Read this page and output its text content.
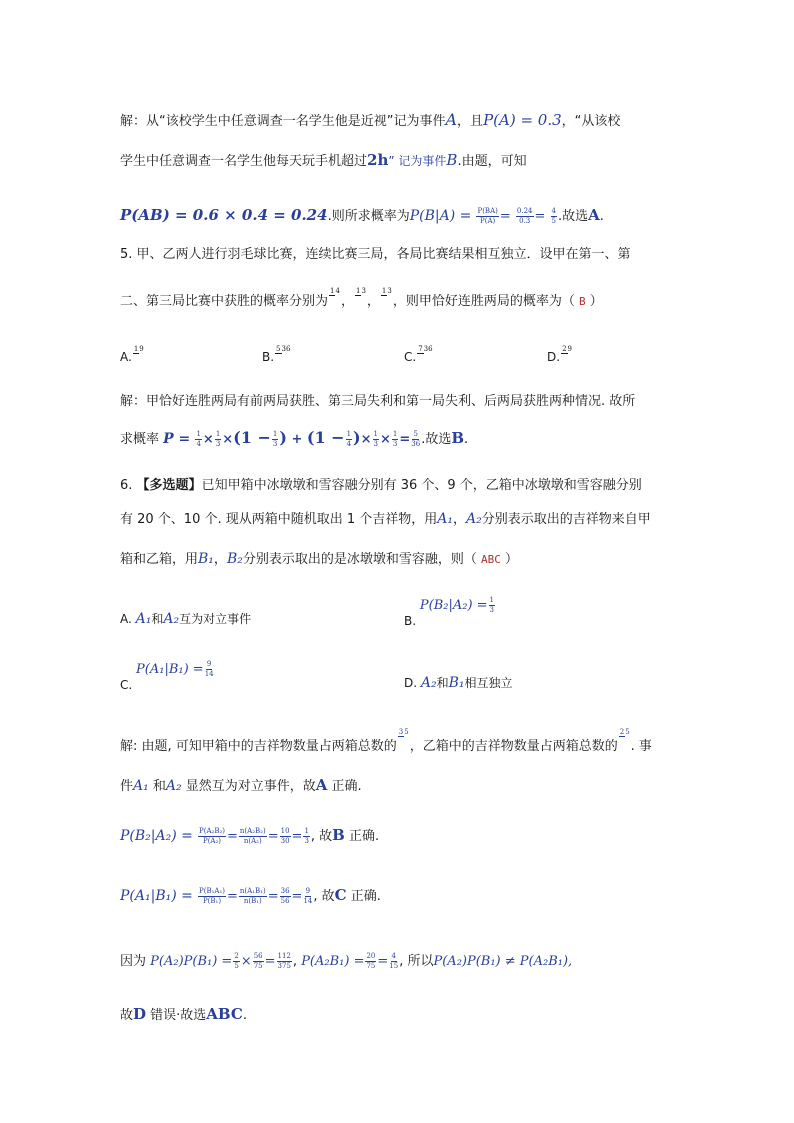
解：从“该校学生中任意调查一名学生他是近视”记为事件A，且P(A) = 0.3，“从该校
学生中任意调查一名学生他每天玩手机超过2h” 记为事件B.由题，可知
P(AB) = 0.6 × 0.4 = 0.24.则所求概率为$P(B|A) = \frac{P(BA)}{P(A)} = \frac{0.24}{0.3} = \frac{4}{5}$ .故选A.
5. 甲、乙两人进行羽毛球比赛，连续比赛三局，各局比赛结果相互独立．设甲在第一、第
二、第三局比赛中获胜的概率分别为14，13，13，则甲恰好连胜两局的概率为（ B ）
A.19
B.536
C.736
D.29
解：甲恰好连胜两局有前两局获胜、第三局失利和第一局失利、后两局获胜两种情况. 故所
求概率 $P = \frac{1}{4} \times \frac{1}{3} \times(1 - \frac{1}{3}$ ) + ($1 - \frac{1}{4}$ )× $\frac{1}{3} \times \frac{1}{3} = \frac{5}{36}$ .故选B.
6. 【多选题】已知甲箱中冰墩墩和雪容融分别有 36 个、9 个，乙箱中冰墩墩和雪容融分别
有 20 个、10 个. 现从两箱中随机取出 1 个吉祥物，用A₁，A₂分别表示取出的吉祥物来自甲
箱和乙箱，用B₁，B₂分别表示取出的是冰墩墩和雪容融，则（ ABC ）
A. A₁和A₂互为对立事件	B. $P(B_2|A_2) = \frac{1}{3}$
C. $P(A_1|B_1) = \frac{9}{14}$
D. A₂和B₁相互独立
解: 由题, 可知甲箱中的吉祥物数量占两箱总数的35，乙箱中的吉祥物数量占两箱总数的25. 事
件A₁ 和A₂ 显然互为对立事件，故A 正确.
$P(B_2|A_2) = \frac{\text{P(A₂B₂)}}{\text{P(A₂)}} = \frac{\text{n(A₂B₂)}}{\text{n(A₂)}} = \frac{10}{30} = \frac{1}{3}$ , 故B 正确.
$P(A_1|B_1) = \frac{\text{P(B₁A₁)}}{\text{P(B₁)}} = \frac{\text{n(A₁B₁)}}{\text{n(B₁)}} = \frac{36}{56} = \frac{9}{14}$ , 故C 正确.
因为 $P(A_2)P(B_1) = \frac{2}{5} \times \frac{56}{75} = \frac{112}{375}$ , $P(A_2B_1) = \frac{20}{75} = \frac{4}{15}$ , 所以P(A₂)P(B₁) ≠ P(A₂B₁),
故D 错误·故选ABC.
